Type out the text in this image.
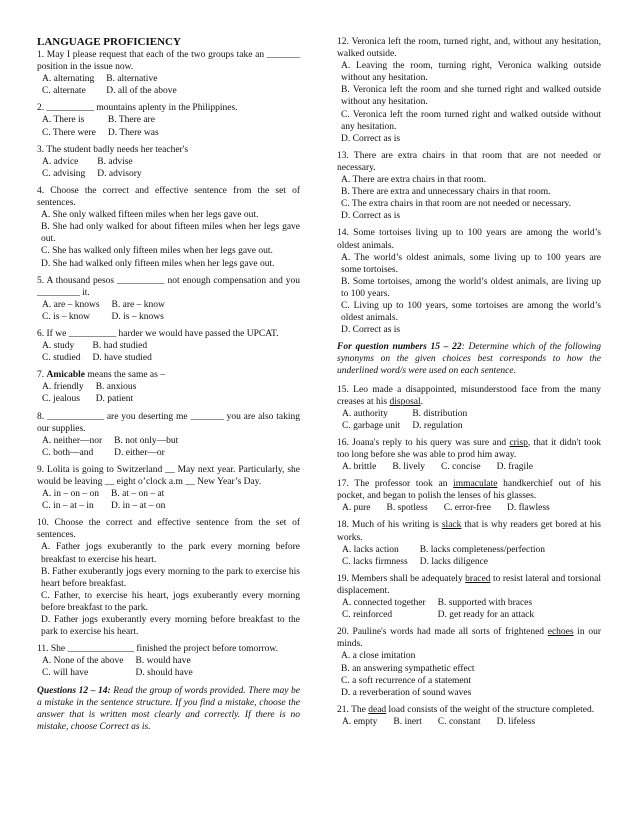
LANGUAGE PROFICIENCY
1. May I please request that each of the two groups take an _______ position in the issue now.
A. alternating B. alternative
C. alternate	D. all of the above
2. __________ mountains aplenty in the Philippines.
A. There is	B. There are
C. There were D. There was
3. The student badly needs her teacher's
A. advice	B. advise
C. advising D. advisory
4. Choose the correct and effective sentence from the set of sentences.
A. She only walked fifteen miles when her legs gave out.
B. She had only walked for about fifteen miles when her legs gave out.
C. She has walked only fifteen miles when her legs gave out.
D. She had walked only fifteen miles when her legs gave out.
5. A thousand pesos __________ not enough compensation and you _________ it.
A. are – knows B. are – know
C. is – know	D. is – knows
6. If we __________ harder we would have passed the UPCAT.
A. study	B. had studied
C. studied D. have studied
7. Amicable means the same as –
A. friendly B. anxious
C. jealous	D. patient
8. ____________ are you deserting me _______ you are also taking our supplies.
A. neither—nor B. not only—but
C. both—and	D. either—or
9. Lolita is going to Switzerland __ May next year. Particularly, she would be leaving __ eight o’clock a.m __ New Year’s Day.
A. in – on – on B. at – on – at
C. in – at – in	D. in – at – on
10. Choose the correct and effective sentence from the set of sentences.
A. Father jogs exuberantly to the park every morning before breakfast to exercise his heart.
B. Father exuberantly jogs every morning to the park to exercise his heart before breakfast.
C. Father, to exercise his heart, jogs exuberantly every morning before breakfast to the park.
D. Father jogs exuberantly every morning before breakfast to the park to exercise his heart.
11. She ______________ finished the project before tomorrow.
A. None of the above B. would have
C. will have	D. should have
Questions 12 – 14: Read the group of words provided. There may be a mistake in the sentence structure. If you find a mistake, choose the answer that is written most clearly and correctly. If there is no mistake, choose Correct as is.
12. Veronica left the room, turned right, and, without any hesitation, walked outside.
A. Leaving the room, turning right, Veronica walking outside without any hesitation.
B. Veronica left the room and she turned right and walked outside without any hesitation.
C. Veronica left the room turned right and walked outside without any hesitation.
D. Correct as is
13. There are extra chairs in that room that are not needed or necessary.
A. There are extra chairs in that room.
B. There are extra and unnecessary chairs in that room.
C. The extra chairs in that room are not needed or necessary.
D. Correct as is
14. Some tortoises living up to 100 years are among the world’s oldest animals.
A. The world’s oldest animals, some living up to 100 years are some tortoises.
B. Some tortoises, among the world’s oldest animals, are living up to 100 years.
C. Living up to 100 years, some tortoises are among the world’s oldest animals.
D. Correct as is
For question numbers 15 – 22: Determine which of the following synonyms on the given choices best corresponds to how the underlined word/s were used on each sentence.
15. Leo made a disappointed, misunderstood face from the many creases at his disposal.
A. authority	B. distribution
C. garbage unit D. regulation
16. Joana's reply to his query was sure and crisp, that it didn't took too long before she was able to prod him away.
A. brittle B. lively C. concise D. fragile
17. The professor took an immaculate handkerchief out of his pocket, and began to polish the lenses of his glasses.
A. pure B. spotless C. error-free D. flawless
18. Much of his writing is slack that is why readers get bored at his works.
A. lacks action	B. lacks completeness/perfection
C. lacks firmness D. lacks diligence
19. Members shall be adequately braced to resist lateral and torsional displacement.
A. connected together B. supported with braces
C. reinforced	D. get ready for an attack
20. Pauline's words had made all sorts of frightened echoes in our minds.
A. a close imitation
B. an answering sympathetic effect
C. a soft recurrence of a statement
D. a reverberation of sound waves
21. The dead load consists of the weight of the structure completed.
A. empty B. inert C. constant D. lifeless
